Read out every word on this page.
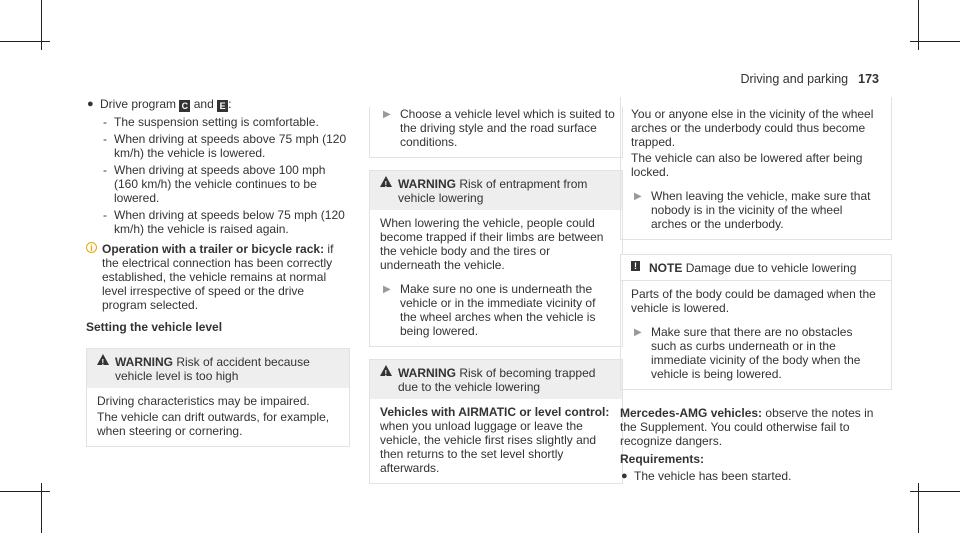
Driving and parking 173
● Drive program C and E :
- The suspension setting is comfortable.
- When driving at speeds above 75 mph (120 km/h) the vehicle is lowered.
- When driving at speeds above 100 mph (160 km/h) the vehicle continues to be lowered.
- When driving at speeds below 75 mph (120 km/h) the vehicle is raised again.
i Operation with a trailer or bicycle rack: if the electrical connection has been correctly established, the vehicle remains at normal level irrespective of speed or the drive program selected.
Setting the vehicle level
!
WARNING Risk of accident because vehicle level is too high

Driving characteristics may be impaired.

The vehicle can drift outwards, for example, when steering or cornering.

▶ Choose a vehicle level which is suited to the driving style and the road surface conditions.
!
WARNING Risk of entrapment from vehicle lowering

When lowering the vehicle, people could become trapped if their limbs are between the vehicle body and the tires or underneath the vehicle.

▶ Make sure no one is underneath the vehicle or in the immediate vicinity of the wheel arches when the vehicle is being lowered.
!
WARNING Risk of becoming trapped due to the vehicle lowering
Vehicles with AIRMATIC or level control: when you unload luggage or leave the vehicle, the vehicle first rises slightly and then returns to the set level shortly afterwards.

You or anyone else in the vicinity of the wheel arches or the underbody could thus become trapped.

The vehicle can also be lowered after being locked.

▶ When leaving the vehicle, make sure that nobody is in the vicinity of the wheel arches or the underbody.
!	NOTE Damage due to vehicle lowering

Parts of the body could be damaged when the vehicle is lowered.

▶ Make sure that there are no obstacles such as curbs underneath or in the immediate vicinity of the body when the vehicle is being lowered.
Mercedes-AMG vehicles: observe the notes in the Supplement. You could otherwise fail to recognize dangers.
Requirements:
● The vehicle has been started.
